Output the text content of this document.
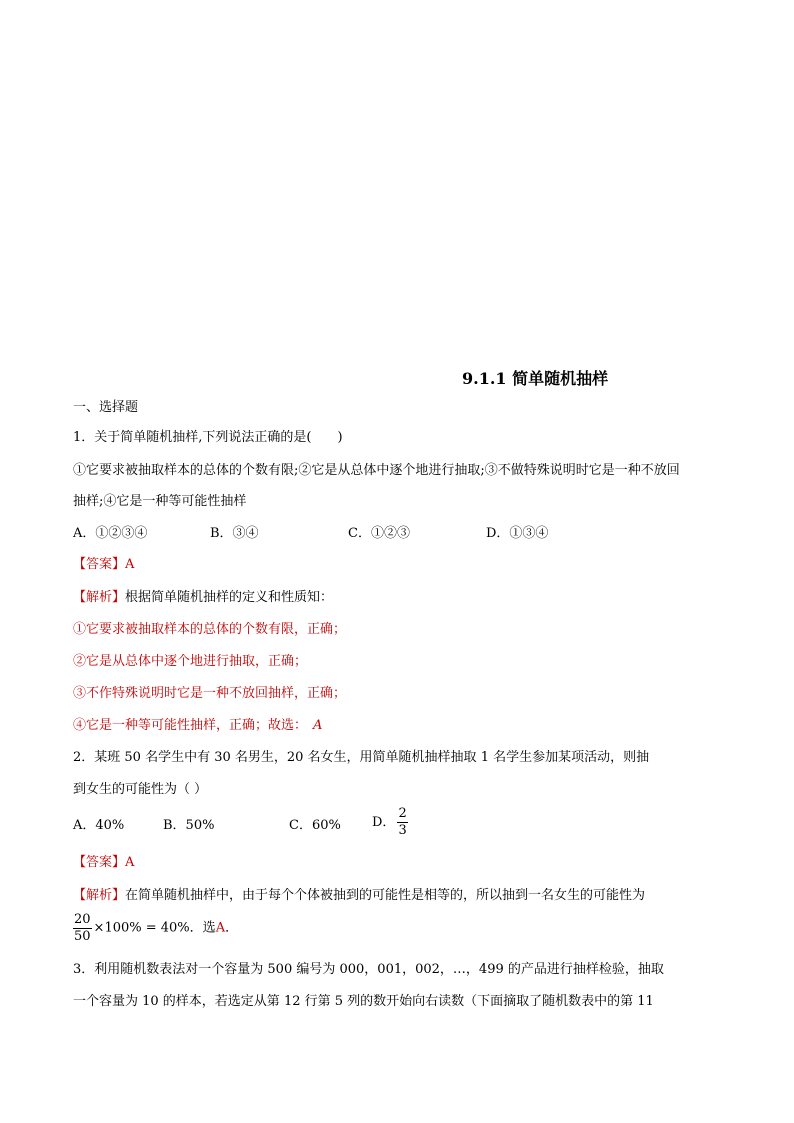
9.1.1 简单随机抽样
一、选择题
1．关于简单随机抽样,下列说法正确的是(　　)
①它要求被抽取样本的总体的个数有限;②它是从总体中逐个地进行抽取;③不做特殊说明时它是一种不放回
抽样;④它是一种等可能性抽样
A．①②③④	B．③④	C．①②③	D．①③④
【答案】A
【解析】根据简单随机抽样的定义和性质知：
①它要求被抽取样本的总体的个数有限，正确；
②它是从总体中逐个地进行抽取，正确；
③不作特殊说明时它是一种不放回抽样，正确；
④它是一种等可能性抽样，正确；故选： A
2．某班 50 名学生中有 30 名男生，20 名女生，用简单随机抽样抽取 1 名学生参加某项活动，则抽
到女生的可能性为（ ）
A．40%	B．50%	C．60% D． $\frac{2}{3}$
【答案】A
【解析】在简单随机抽样中，由于每个个体被抽到的可能性是相等的，所以抽到一名女生的可能性为
$\frac{20}{50} \times 100\% = 40\%$．选A．
3．利用随机数表法对一个容量为 500 编号为 000，001，002，…，499 的产品进行抽样检验，抽取
一个容量为 10 的样本，若选定从第 12 行第 5 列的数开始向右读数（下面摘取了随机数表中的第 11
